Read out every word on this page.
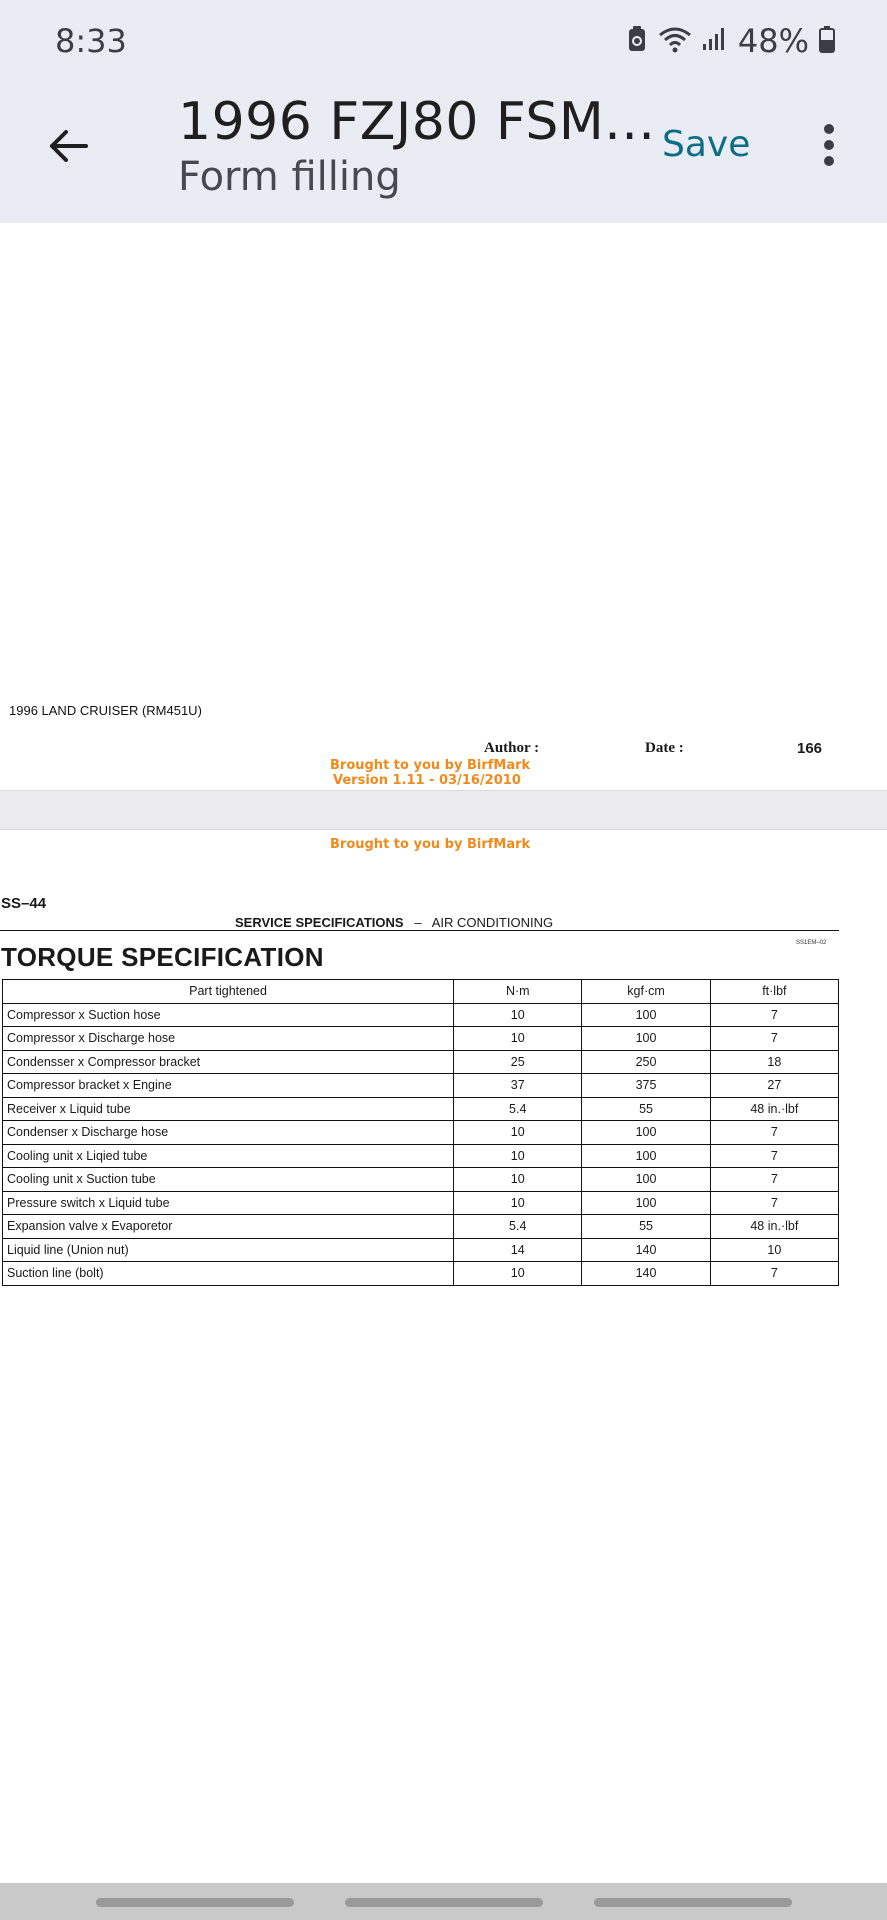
8:33	48%
1996 FZJ80 FSM...
Form filling
Save
1996 LAND CRUISER (RM451U)
Author :	Date :	166
Brought to you by BirfMark
Version 1.11 - 03/16/2010
Brought to you by BirfMark
SS–44
SERVICE SPECIFICATIONS – AIR CONDITIONING
SS1EM–02
TORQUE SPECIFICATION
Part tightened	N·m	kgf·cm	ft·lbf
Compressor x Suction hose	10	100	7
Compressor x Discharge hose	10	100	7
Condensser x Compressor bracket	25	250	18
Compressor bracket x Engine	37	375	27
Receiver x Liquid tube	5.4	55	48 in.·lbf
Condenser x Discharge hose	10	100	7
Cooling unit x Liqied tube	10	100	7
Cooling unit x Suction tube	10	100	7
Pressure switch x Liquid tube	10	100	7
Expansion valve x Evaporetor	5.4	55	48 in.·lbf
Liquid line (Union nut)	14	140	10
Suction line (bolt)	10	140	7
